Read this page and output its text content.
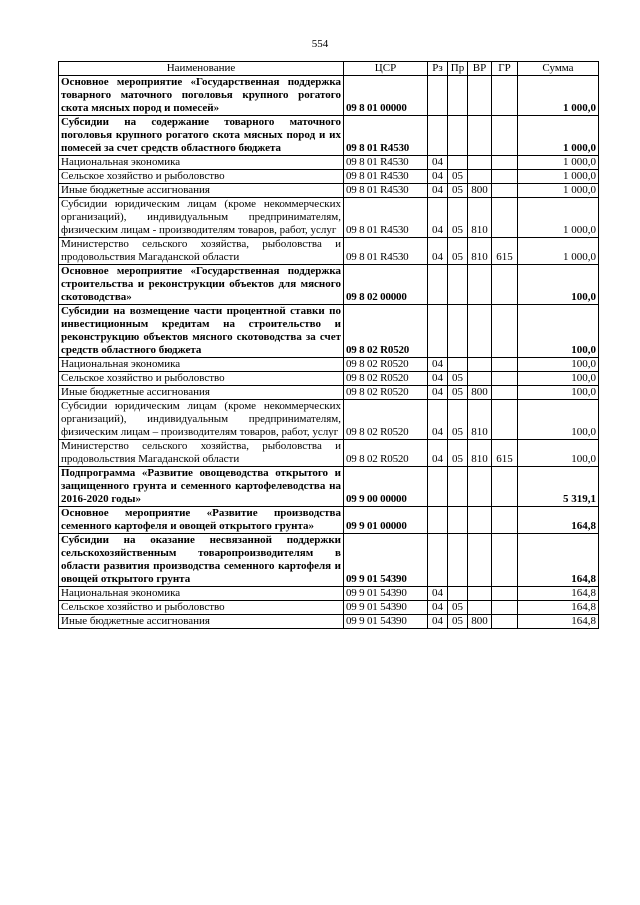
554
Наименование	ЦСР	Рз	Пр	ВР	ГР	Сумма
Основное мероприятие «Государственная поддержка товарного маточного поголовья крупного рогатого скота мясных пород и помесей»	09 8 01 00000					1 000,0
Субсидии на содержание товарного маточного поголовья крупного рогатого скота мясных пород и их помесей за счет средств областного бюджета	09 8 01 R4530					1 000,0
Национальная экономика	09 8 01 R4530	04				1 000,0
Сельское хозяйство и рыболовство	09 8 01 R4530	04	05			1 000,0
Иные бюджетные ассигнования	09 8 01 R4530	04	05	800		1 000,0
Субсидии юридическим лицам (кроме некоммерческих организаций), индивидуальным предпринимателям, физическим лицам - производителям товаров, работ, услуг	09 8 01 R4530	04	05	810		1 000,0
Министерство сельского хозяйства, рыболовства и продовольствия Магаданской области	09 8 01 R4530	04	05	810	615	1 000,0
Основное мероприятие «Государственная поддержка строительства и реконструкции объектов для мясного скотоводства»	09 8 02 00000					100,0
Субсидии на возмещение части процентной ставки по инвестиционным кредитам на строительство и реконструкцию объектов мясного скотоводства за счет средств областного бюджета	09 8 02 R0520					100,0
Национальная экономика	09 8 02 R0520	04				100,0
Сельское хозяйство и рыболовство	09 8 02 R0520	04	05			100,0
Иные бюджетные ассигнования	09 8 02 R0520	04	05	800		100,0
Субсидии юридическим лицам (кроме некоммерческих организаций), индивидуальным предпринимателям, физическим лицам – производителям товаров, работ, услуг	09 8 02 R0520	04	05	810		100,0
Министерство сельского хозяйства, рыболовства и продовольствия Магаданской области	09 8 02 R0520	04	05	810	615	100,0
Подпрограмма «Развитие овощеводства открытого и защищенного грунта и семенного картофелеводства на 2016-2020 годы»	09 9 00 00000					5 319,1
Основное мероприятие «Развитие производства семенного картофеля и овощей открытого грунта»	09 9 01 00000					164,8
Субсидии на оказание несвязанной поддержки сельскохозяйственным товаропроизводителям в области развития производства семенного картофеля и овощей открытого грунта	09 9 01 54390					164,8
Национальная экономика	09 9 01 54390	04				164,8
Сельское хозяйство и рыболовство	09 9 01 54390	04	05			164,8
Иные бюджетные ассигнования	09 9 01 54390	04	05	800		164,8
